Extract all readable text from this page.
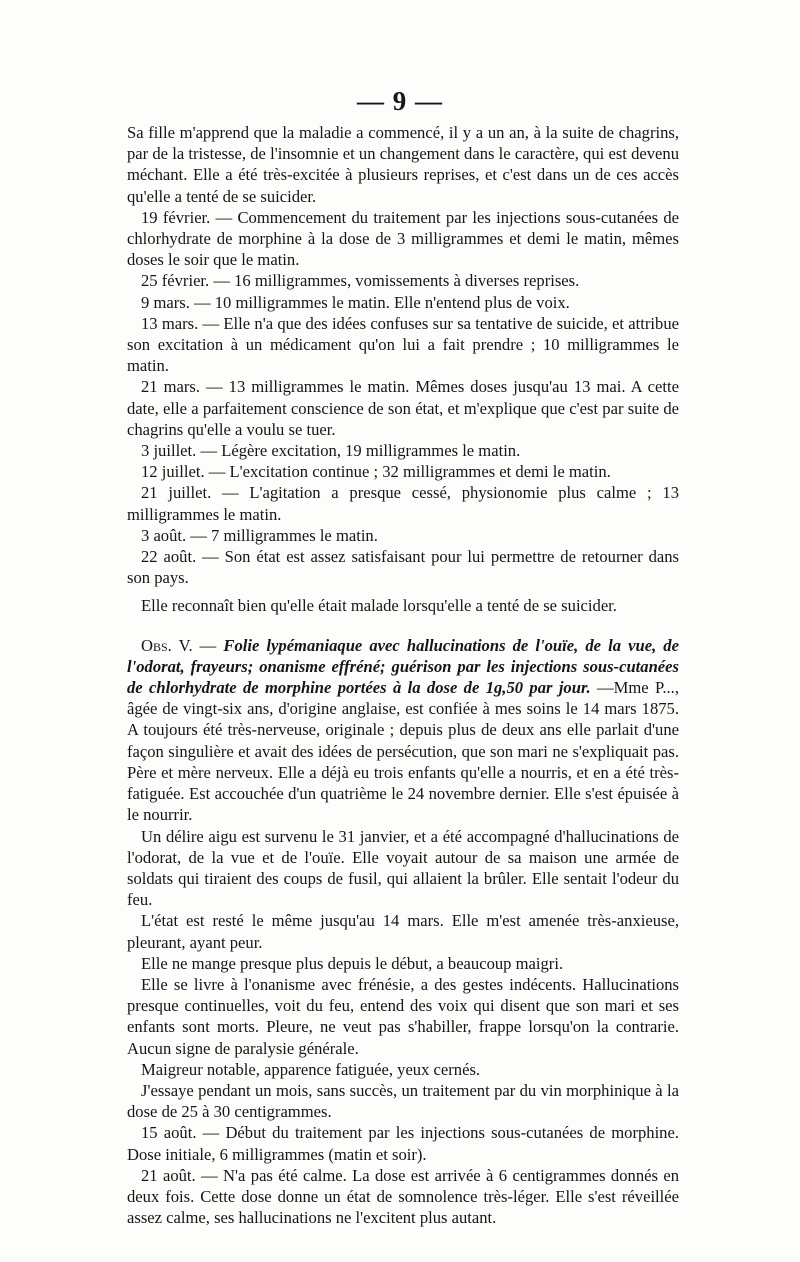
— 9 —

Sa fille m'apprend que la maladie a commencé, il y a un an, à la suite de chagrins, par de la tristesse, de l'insomnie et un changement dans le caractère, qui est devenu méchant. Elle a été très-excitée à plusieurs reprises, et c'est dans un de ces accès qu'elle a tenté de se suicider.

19 février. — Commencement du traitement par les injections sous-cutanées de chlorhydrate de morphine à la dose de 3 milligrammes et demi le matin, mêmes doses le soir que le matin.

25 février. — 16 milligrammes, vomissements à diverses reprises.

9 mars. — 10 milligrammes le matin. Elle n'entend plus de voix.

13 mars. — Elle n'a que des idées confuses sur sa tentative de suicide, et attribue son excitation à un médicament qu'on lui a fait prendre ; 10 milligrammes le matin.

21 mars. — 13 milligrammes le matin. Mêmes doses jusqu'au 13 mai. A cette date, elle a parfaitement conscience de son état, et m'explique que c'est par suite de chagrins qu'elle a voulu se tuer.

3 juillet. — Légère excitation, 19 milligrammes le matin.

12 juillet. — L'excitation continue ; 32 milligrammes et demi le matin.

21 juillet. — L'agitation a presque cessé, physionomie plus calme ; 13 milligrammes le matin.

3 août. — 7 milligrammes le matin.

22 août. — Son état est assez satisfaisant pour lui permettre de retourner dans son pays.

Elle reconnaît bien qu'elle était malade lorsqu'elle a tenté de se suicider.

Obs. V. — Folie lypémaniaque avec hallucinations de l'ouïe, de la vue, de l'odorat, frayeurs; onanisme effréné; guérison par les injections sous-cutanées de chlorhydrate de morphine portées à la dose de 1g,50 par jour. —Mme P..., âgée de vingt-six ans, d'origine anglaise, est confiée à mes soins le 14 mars 1875. A toujours été très-nerveuse, originale ; depuis plus de deux ans elle parlait d'une façon singulière et avait des idées de persécution, que son mari ne s'expliquait pas. Père et mère nerveux. Elle a déjà eu trois enfants qu'elle a nourris, et en a été très-fatiguée. Est accouchée d'un quatrième le 24 novembre dernier. Elle s'est épuisée à le nourrir.

Un délire aigu est survenu le 31 janvier, et a été accompagné d'hallucinations de l'odorat, de la vue et de l'ouïe. Elle voyait autour de sa maison une armée de soldats qui tiraient des coups de fusil, qui allaient la brûler. Elle sentait l'odeur du feu.

L'état est resté le même jusqu'au 14 mars. Elle m'est amenée très-anxieuse, pleurant, ayant peur.

Elle ne mange presque plus depuis le début, a beaucoup maigri.

Elle se livre à l'onanisme avec frénésie, a des gestes indécents. Hallucinations presque continuelles, voit du feu, entend des voix qui disent que son mari et ses enfants sont morts. Pleure, ne veut pas s'habiller, frappe lorsqu'on la contrarie. Aucun signe de paralysie générale.

Maigreur notable, apparence fatiguée, yeux cernés.

J'essaye pendant un mois, sans succès, un traitement par du vin morphinique à la dose de 25 à 30 centigrammes.

15 août. — Début du traitement par les injections sous-cutanées de morphine. Dose initiale, 6 milligrammes (matin et soir).

21 août. — N'a pas été calme. La dose est arrivée à 6 centigrammes donnés en deux fois. Cette dose donne un état de somnolence très-léger. Elle s'est réveillée assez calme, ses hallucinations ne l'excitent plus autant.
